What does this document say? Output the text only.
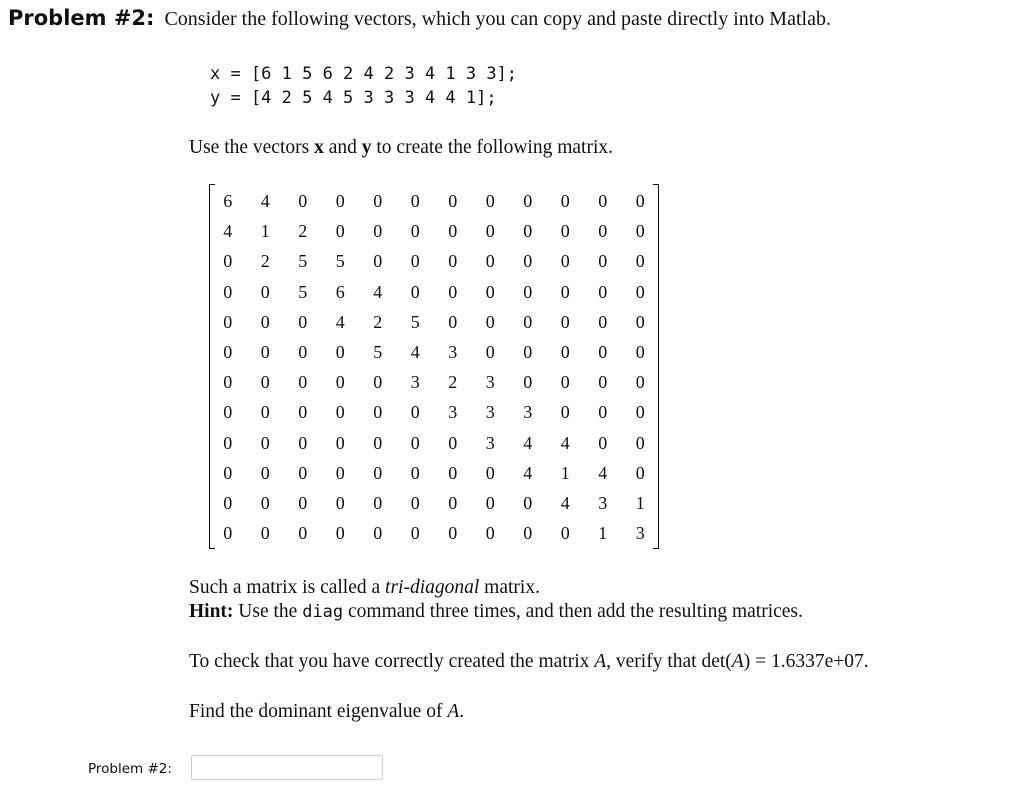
Problem #2: Consider the following vectors, which you can copy and paste directly into Matlab.
x = [6 1 5 6 2 4 2 3 4 1 3 3];
y = [4 2 5 4 5 3 3 3 4 4 1];
Use the vectors x and y to create the following matrix.
6	4	0	0	0	0	0	0	0	0	0	0
4	1	2	0	0	0	0	0	0	0	0	0
0	2	5	5	0	0	0	0	0	0	0	0
0	0	5	6	4	0	0	0	0	0	0	0
0	0	0	4	2	5	0	0	0	0	0	0
0	0	0	0	5	4	3	0	0	0	0	0
0	0	0	0	0	3	2	3	0	0	0	0
0	0	0	0	0	0	3	3	3	0	0	0
0	0	0	0	0	0	0	3	4	4	0	0
0	0	0	0	0	0	0	0	4	1	4	0
0	0	0	0	0	0	0	0	0	4	3	1
0	0	0	0	0	0	0	0	0	0	1	3
Such a matrix is called a tri-diagonal matrix.
Hint: Use the diag command three times, and then add the resulting matrices.
To check that you have correctly created the matrix A, verify that det(A) = 1.6337e+07.
Find the dominant eigenvalue of A.
Problem #2:
